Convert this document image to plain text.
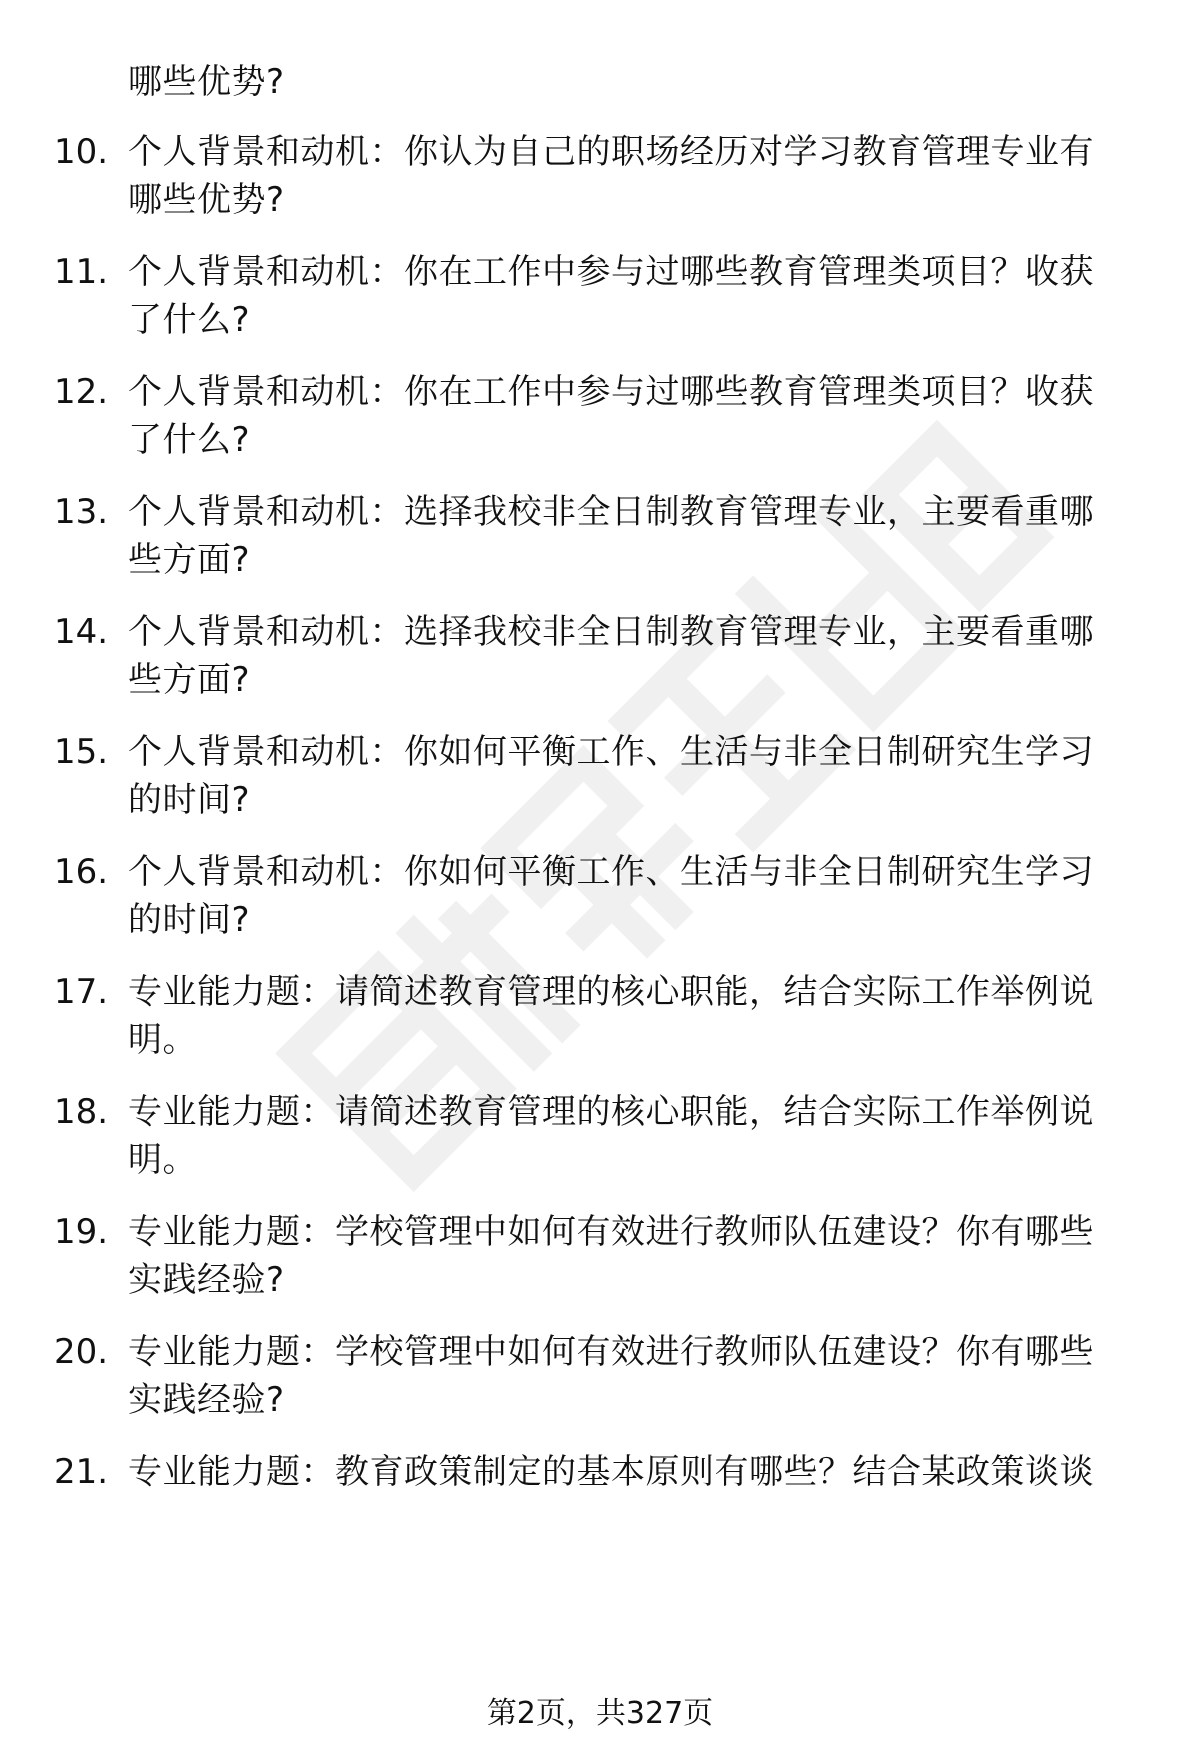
哪些优势?
10. 个人背景和动机：你认为自己的职场经历对学习教育管理专业有
哪些优势?
11. 个人背景和动机：你在工作中参与过哪些教育管理类项目？收获
了什么?
12. 个人背景和动机：你在工作中参与过哪些教育管理类项目？收获
了什么?
13. 个人背景和动机：选择我校非全日制教育管理专业，主要看重哪
些方面?
14. 个人背景和动机：选择我校非全日制教育管理专业，主要看重哪
些方面?
15. 个人背景和动机：你如何平衡工作、生活与非全日制研究生学习
的时间?
16. 个人背景和动机：你如何平衡工作、生活与非全日制研究生学习
的时间?
17. 专业能力题：请简述教育管理的核心职能，结合实际工作举例说
明。
18. 专业能力题：请简述教育管理的核心职能，结合实际工作举例说
明。
19. 专业能力题：学校管理中如何有效进行教师队伍建设？你有哪些
实践经验?
20. 专业能力题：学校管理中如何有效进行教师队伍建设？你有哪些
实践经验?
21. 专业能力题：教育政策制定的基本原则有哪些？结合某政策谈谈
第2页，共327页
